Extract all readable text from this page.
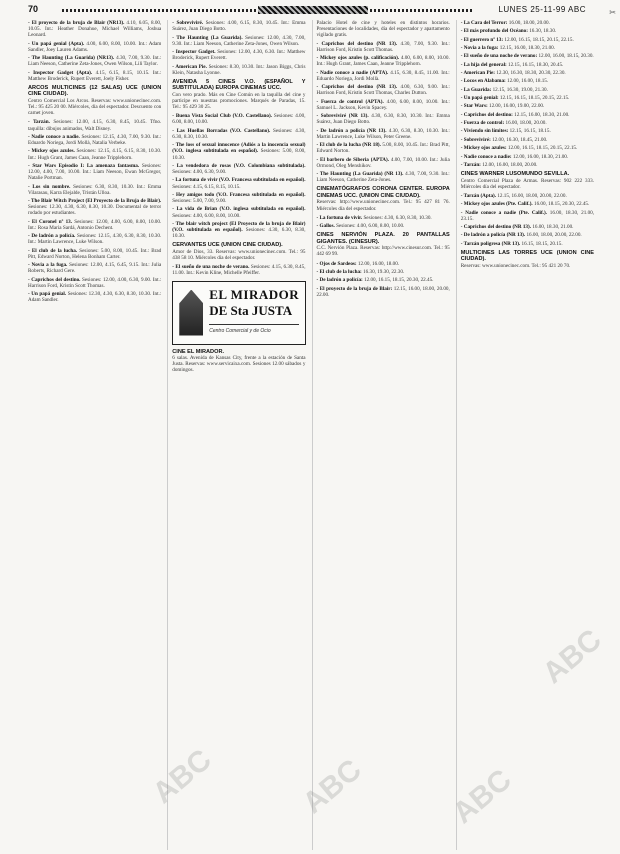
70	LUNES 25-11-99 ABC	✂
- El proyecto de la bruja de Blair (NR13). 4.10, 6.05, 8.00, 10.05. Int.: Heather Donahue, Michael Williams, Joshua Leonard.
- Un papá genial (Apta). 4.00, 6.00, 8.00, 10.00. Int.: Adam Sandler, Joey Lauren Adams.
- The Haunting (La Guarida) (NR13). 4.30, 7.00, 9.30. Int.: Liam Neeson, Catherine Zeta-Jones, Owen Wilson, Lili Taylor.
- Inspector Gadget (Apta). 4.15, 6.15, 8.15, 10.15. Int.: Matthew Broderick, Rupert Everett, Joely Fisher.
ARCOS MULTICINES (12 SALAS) UCE (UNION CINE CIUDAD).
Centro Comercial Los Arcos. Reservas: www.unionecinec.com. Tel.: 95 425 20 00. Miércoles, día del espectador. Descuento con carnet joven.
- Tarzán. Sesiones: 12.00, 4.15, 6.30, 8.45, 10.45. Tfno. taquilla: dibujos animados, Walt Disney.
- Nadie conoce a nadie. Sesiones: 12.15, 4.30, 7.00, 9.30. Int.: Eduardo Noriega, Jordi Mollà, Natalia Verbeke.
- Mickey ojos azules. Sesiones: 12.15, 4.15, 6.15, 8.30, 10.30. Int.: Hugh Grant, James Caan, Jeanne Tripplehorn.
- Star Wars Episodio I: La amenaza fantasma. Sesiones: 12.00, 4.00, 7.00, 10.00. Int.: Liam Neeson, Ewan McGregor, Natalie Portman.
- Los sin nombre. Sesiones: 6.30, 8.30, 10.30. Int.: Emma Vilarasau, Karra Elejalde, Tristán Ulloa.
- The Blair Witch Project (El Proyecto de la Bruja de Blair). Sesiones: 12.30, 4.30, 6.30, 8.30, 10.30. Documental de terror rodado por estudiantes.
- El Coronel nº 13. Sesiones: 12.00, 4.00, 6.00, 8.00, 10.00. Int.: Rosa Maria Sardá, Antonio Dechent.
- De ladrón a policía. Sesiones: 12.15, 4.30, 6.30, 8.30, 10.30. Int.: Martin Lawrence, Luke Wilson.
- El club de la lucha. Sesiones: 5.00, 8.00, 10.45. Int.: Brad Pitt, Edward Norton, Helena Bonham Carter.
- Novia a la fuga. Sesiones: 12.00, 4.15, 6.45, 9.15. Int.: Julia Roberts, Richard Gere.
- Caprichos del destino. Sesiones: 12.00, 4.00, 6.30, 9.00. Int.: Harrison Ford, Kristin Scott Thomas.
- Un papá genial. Sesiones: 12.30, 4.30, 6.30, 8.30, 10.30. Int.: Adam Sandler.
- Sobreviviré. Sesiones: 4.00, 6.15, 8.30, 10.45. Int.: Emma Suárez, Juan Diego Botto.
- The Haunting (La Guarida). Sesiones: 12.00, 4.30, 7.00, 9.30. Int.: Liam Neeson, Catherine Zeta-Jones, Owen Wilson.
- Inspector Gadget. Sesiones: 12.00, 4.30, 6.30. Int.: Matthew Broderick, Rupert Everett.
- American Pie. Sesiones: 8.30, 10.30. Int.: Jason Biggs, Chris Klein, Natasha Lyonne.
AVENIDA 5 CINES V.O. (ESPAÑOL Y SUBTITULADA) EUROPA CINEMAS UCC.
Con vero prado. Más en Cine Común en la taquilla del cine y participe en nuestras promociones. Marqués de Paradas, 15. Tel.: 95 429 30 25.
- Buena Vista Social Club (V.O. Castellano). Sesiones: 4.00, 6.00, 8.00, 10.00.
- Las Huellas Borradas (V.O. Castellano). Sesiones: 4.30, 6.30, 8.30, 10.30.
- The loss of sexual innocence (Adiós a la inocencia sexual) (V.O. inglesa subtitulada en español). Sesiones: 5.00, 8.00, 10.30.
- La vendedora de rosas (V.O. Colombiana subtitulada). Sesiones: 4.00, 6.30, 9.00.
- La fortuna de vivir (V.O. Francesa subtitulada en español). Sesiones: 4.15, 6.15, 8.15, 10.15.
- Hey amigos todo (V.O. Francesa subtitulada en español). Sesiones: 5.00, 7.00, 9.00.
- La vida de Brian (V.O. inglesa subtitulada en español). Sesiones: 4.00, 6.00, 8.00, 10.00.
- The blair witch project (El Proyecto de la bruja de Blair) (V.O. subtitulada en español). Sesiones: 4.30, 6.30, 8.30, 10.30.
CERVANTES UCE (UNION CINE CIUDAD).
Amor de Dios, 33. Reservas: www.unionecinec.com. Tel.: 95 438 58 10. Miércoles día del espectador.
- El sueño de una noche de verano. Sesiones: 4.15, 6.30, 8.45, 11.00. Int.: Kevin Kline, Michelle Pfeiffer.
EL MIRADOR
DE Sta JUSTA
Centro Comercial y de Ocio
CINE EL MIRADOR.
6 salas. Avenida de Kansas City, frente a la estación de Santa Justa. Reservas: www.servicaixa.com. Sesiones 12.00 sábados y domingos.
Palacio Hotel de cine y hoteles en distintos horarios. Presentaciones de localidades, día del espectador y apartamento vigilado gratis.
- Caprichos del destino (NR 13). 4.30, 7.00, 9.30. Int.: Harrison Ford, Kristin Scott Thomas.
- Mickey ojos azules (p. calificación). 4.00, 6.00, 8.00, 10.00. Int.: Hugh Grant, James Caan, Jeanne Tripplehorn.
- Nadie conoce a nadie (APTA). 4.15, 6.30, 8.45, 11.00. Int.: Eduardo Noriega, Jordi Mollà.
- Caprichos del destino (NR 13). 4.00, 6.30, 9.00. Int.: Harrison Ford, Kristin Scott Thomas, Charles Dutton.
- Fuerza de control (APTA). 4.00, 6.00, 8.00, 10.00. Int.: Samuel L. Jackson, Kevin Spacey.
- Sobreviviré (NR 13). 4.30, 6.30, 8.30, 10.30. Int.: Emma Suárez, Juan Diego Botto.
- De ladrón a policía (NR 13). 4.30, 6.30, 8.30, 10.30. Int.: Martin Lawrence, Luke Wilson, Peter Greene.
- El club de la lucha (NR 18). 5.00, 8.00, 10.45. Int.: Brad Pitt, Edward Norton.
- El barbero de Siberia (APTA). 4.00, 7.00, 10.00. Int.: Julia Ormond, Oleg Menshikov.
- The Haunting (La Guarida) (NR 13). 4.30, 7.00, 9.30. Int.: Liam Neeson, Catherine Zeta-Jones.
CINEMATÓGRAFOS CORONA CENTER. EUROPA CINEMAS UCC. (UNION CINE CIUDAD).
Reservas: http://www.unionecinec.com. Tel.: 95 427 81 76. Miércoles día del espectador.
- La fortuna de vivir. Sesiones: 4.30, 6.30, 8.30, 10.30.
- Gallos. Sesiones: 4.00, 6.00, 8.00, 10.00.
CINES NERVIÓN PLAZA. 20 PANTALLAS GIGANTES. (CINESUR).
C.C. Nervión Plaza. Reservas: http://www.cinesur.com. Tel.: 95 442 69 99.
- Ojos de Sardeos: 12.00, 16.00, 18.00.
- El club de la lucha: 16.30, 19.30, 22.30.
- De ladrón a policía: 12.00, 16.15, 18.15, 20.30, 22.45.
- El proyecto de la bruja de Blair: 12.15, 16.00, 18.00, 20.00, 22.00.
- La Cara del Terror: 16.00, 18.00, 20.00.
- El más profundo del Océano: 16.30, 18.30.
- El guerrero nº 13: 12.00, 16.15, 18.15, 20.15, 22.15.
- Novia a la fuga: 12.15, 16.00, 18.30, 21.00.
- El sueño de una noche de verano: 12.00, 16.00, 18.15, 20.30.
- La hija del general: 12.15, 16.15, 18.30, 20.45.
- American Pie: 12.30, 16.30, 18.30, 20.30, 22.30.
- Locos en Alabama: 12.00, 16.00, 18.15.
- La Guarida: 12.15, 16.30, 19.00, 21.30.
- Un papá genial: 12.15, 16.15, 18.15, 20.15, 22.15.
- Star Wars: 12.00, 16.00, 19.00, 22.00.
- Caprichos del destino: 12.15, 16.00, 18.30, 21.00.
- Fuerza de control: 16.00, 18.00, 20.00.
- Viviendo sin límites: 12.15, 16.15, 18.15.
- Sobreviviré: 12.00, 16.30, 18.45, 21.00.
- Mickey ojos azules: 12.00, 16.15, 18.15, 20.15, 22.15.
- Nadie conoce a nadie: 12.00, 16.00, 18.30, 21.00.
- Tarzán: 12.00, 16.00, 18.00, 20.00.
CINES WARNER LUSOMUNDO SEVILLA.
Centro Comercial Plaza de Armas. Reservas: 902 222 333. Miércoles día del espectador.
- Tarzán (Apta). 12.15, 16.00, 18.00, 20.00, 22.00.
- Mickey ojos azules (Pte. Calif.). 16.00, 18.15, 20.30, 22.45.
- Nadie conoce a nadie (Pte. Calif.). 16.00, 18.30, 21.00, 23.15.
- Caprichos del destino (NR 13). 16.00, 18.30, 21.00.
- De ladrón a policía (NR 13). 16.00, 18.00, 20.00, 22.00.
- Tarzán poligresa (NR 13). 16.15, 18.15, 20.15.
MULTICINES LAS TORRES UCE (UNION CINE CIUDAD).
Reservas: www.unionecinec.com. Tel.: 95 421 20 70.
ABC	ABC	ABC
ABC
